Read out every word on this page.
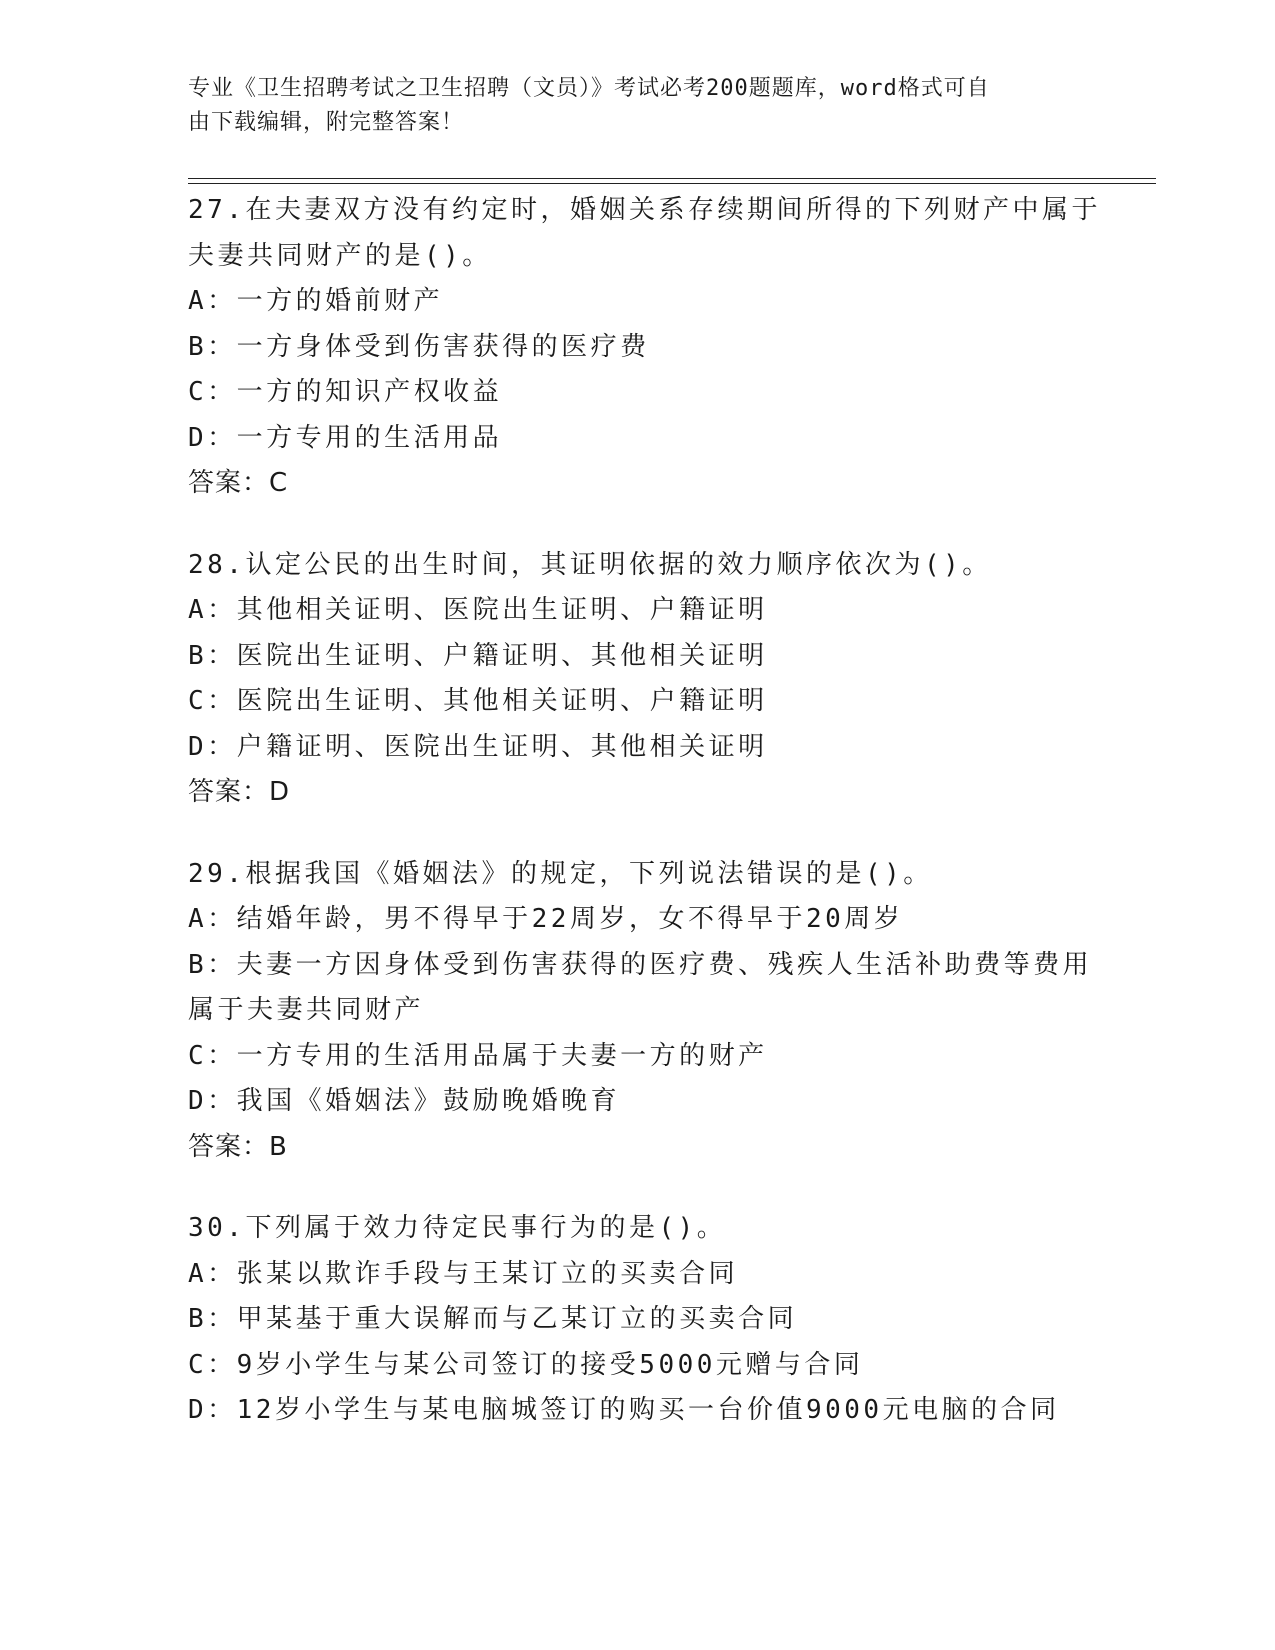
专业《卫生招聘考试之卫生招聘（文员）》考试必考200题题库，word格式可自
由下载编辑，附完整答案！
27.在夫妻双方没有约定时，婚姻关系存续期间所得的下列财产中属于
夫妻共同财产的是()。
A：一方的婚前财产
B：一方身体受到伤害获得的医疗费
C：一方的知识产权收益
D：一方专用的生活用品
答案：C
28.认定公民的出生时间，其证明依据的效力顺序依次为()。
A：其他相关证明、医院出生证明、户籍证明
B：医院出生证明、户籍证明、其他相关证明
C：医院出生证明、其他相关证明、户籍证明
D：户籍证明、医院出生证明、其他相关证明
答案：D
29.根据我国《婚姻法》的规定，下列说法错误的是()。
A：结婚年龄，男不得早于22周岁，女不得早于20周岁
B：夫妻一方因身体受到伤害获得的医疗费、残疾人生活补助费等费用
属于夫妻共同财产
C：一方专用的生活用品属于夫妻一方的财产
D：我国《婚姻法》鼓励晚婚晚育
答案：B
30.下列属于效力待定民事行为的是()。
A：张某以欺诈手段与王某订立的买卖合同
B：甲某基于重大误解而与乙某订立的买卖合同
C：9岁小学生与某公司签订的接受5000元赠与合同
D：12岁小学生与某电脑城签订的购买一台价值9000元电脑的合同
